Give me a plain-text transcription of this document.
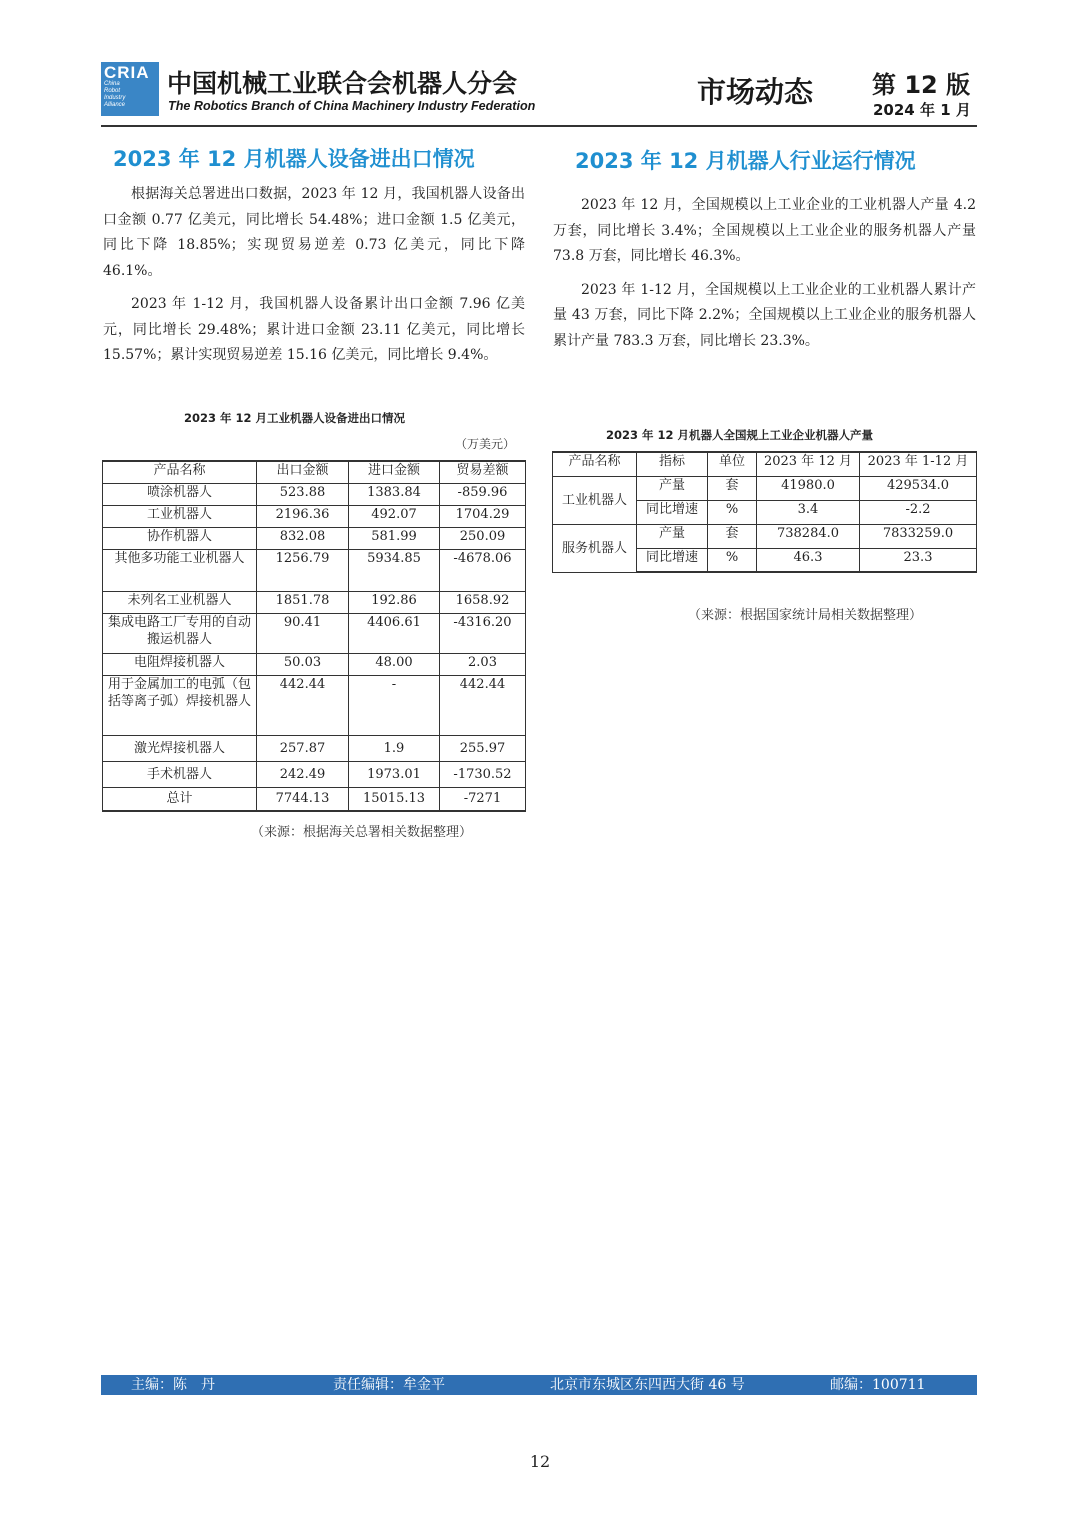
CRIA
China
Robot
Industry
Alliance
中国机械工业联合会机器人分会
The Robotics Branch of China Machinery Industry Federation	市场动态 第 12 版
2024 年 1 月
2023 年 12 月机器人设备进出口情况

根据海关总署进出口数据，2023 年 12 月，我国机器人设备出口金额 0.77 亿美元，同比增长 54.48%；进口金额 1.5 亿美元，同比下降 18.85%；实现贸易逆差 0.73 亿美元，同比下降 46.1%。

2023 年 1-12 月，我国机器人设备累计出口金额 7.96 亿美元，同比增长 29.48%；累计进口金额 23.11 亿美元，同比增长 15.57%；累计实现贸易逆差 15.16 亿美元，同比增长 9.4%。

2023 年 12 月工业机器人设备进出口情况
（万美元）
产品名称	出口金额	进口金额	贸易差额
喷涂机器人	523.88	1383.84	-859.96
工业机器人	2196.36	492.07	1704.29
协作机器人	832.08	581.99	250.09
其他多功能工业机器人	1256.79	5934.85	-4678.06
未列名工业机器人	1851.78	192.86	1658.92
集成电路工厂专用的自动搬运机器人	90.41	4406.61	-4316.20
电阻焊接机器人	50.03	48.00	2.03
用于金属加工的电弧（包括等离子弧）焊接机器人	442.44	-	442.44
激光焊接机器人	257.87	1.9	255.97
手术机器人	242.49	1973.01	-1730.52
总计	7744.13	15015.13	-7271
（来源：根据海关总署相关数据整理）
2023 年 12 月机器人行业运行情况

2023 年 12 月，全国规模以上工业企业的工业机器人产量 4.2 万套，同比增长 3.4%；全国规模以上工业企业的服务机器人产量 73.8 万套，同比增长 46.3%。

2023 年 1-12 月，全国规模以上工业企业的工业机器人累计产量 43 万套，同比下降 2.2%；全国规模以上工业企业的服务机器人累计产量 783.3 万套，同比增长 23.3%。

2023 年 12 月机器人全国规上工业企业机器人产量
产品名称	指标	单位	2023 年 12 月	2023 年 1-12 月
工业机器人	产量	套	41980.0	429534.0
	同比增速	%	3.4	-2.2
服务机器人	产量	套	738284.0	7833259.0
	同比增速	%	46.3	23.3
（来源：根据国家统计局相关数据整理）
主编：陈　丹	责任编辑：牟金平	北京市东城区东四西大街 46 号	邮编：100711
12
